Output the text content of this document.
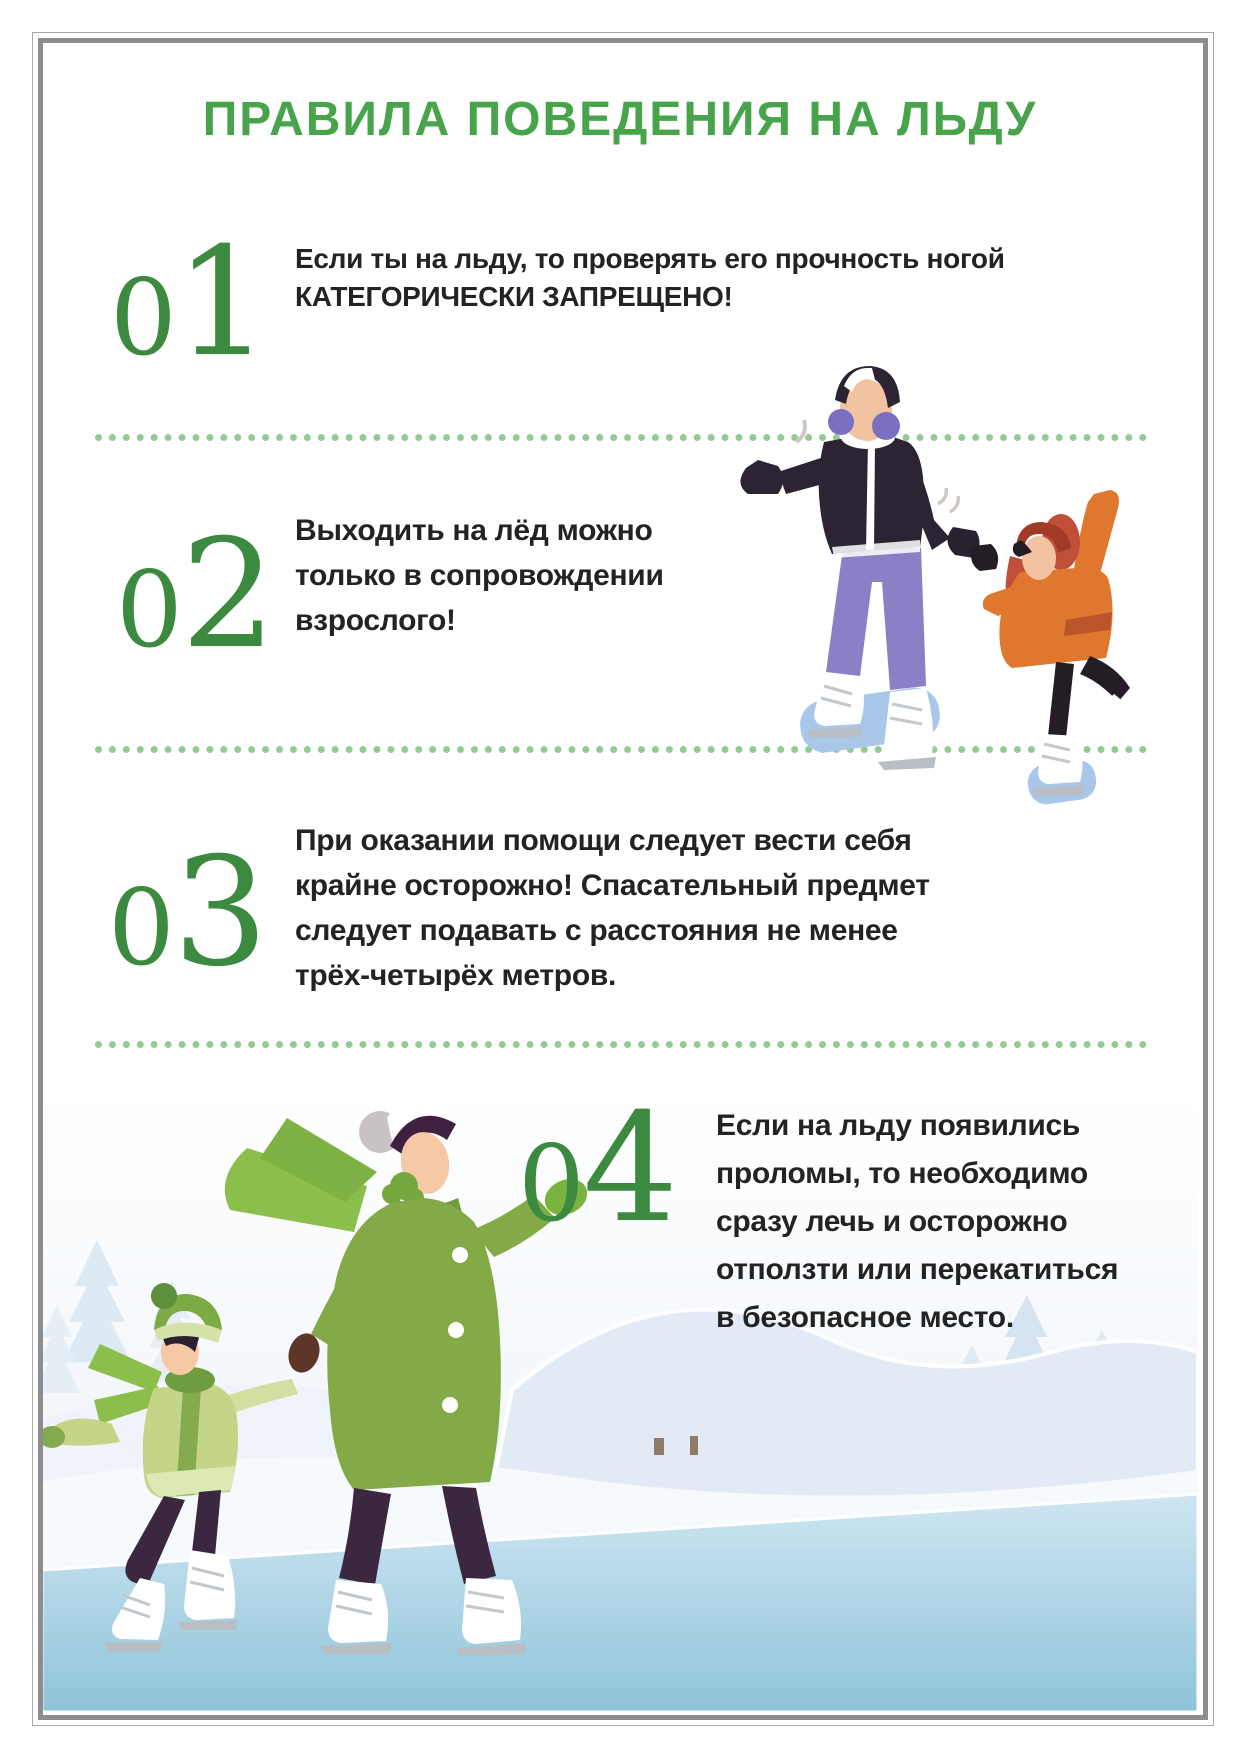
ПРАВИЛА ПОВЕДЕНИЯ НА ЛЬДУ
01 Если ты на льду, то проверять его прочность ногой
КАТЕГОРИЧЕСКИ ЗАПРЕЩЕНО!
02 Выходить на лёд можно
только в сопровождении
взрослого!
03 При оказании помощи следует вести себя
крайне осторожно! Спасательный предмет
следует подавать с расстояния не менее
трёх-четырёх метров.
04 Если на льду появились
проломы, то необходимо
сразу лечь и осторожно
отползти или перекатиться
в безопасное место.
